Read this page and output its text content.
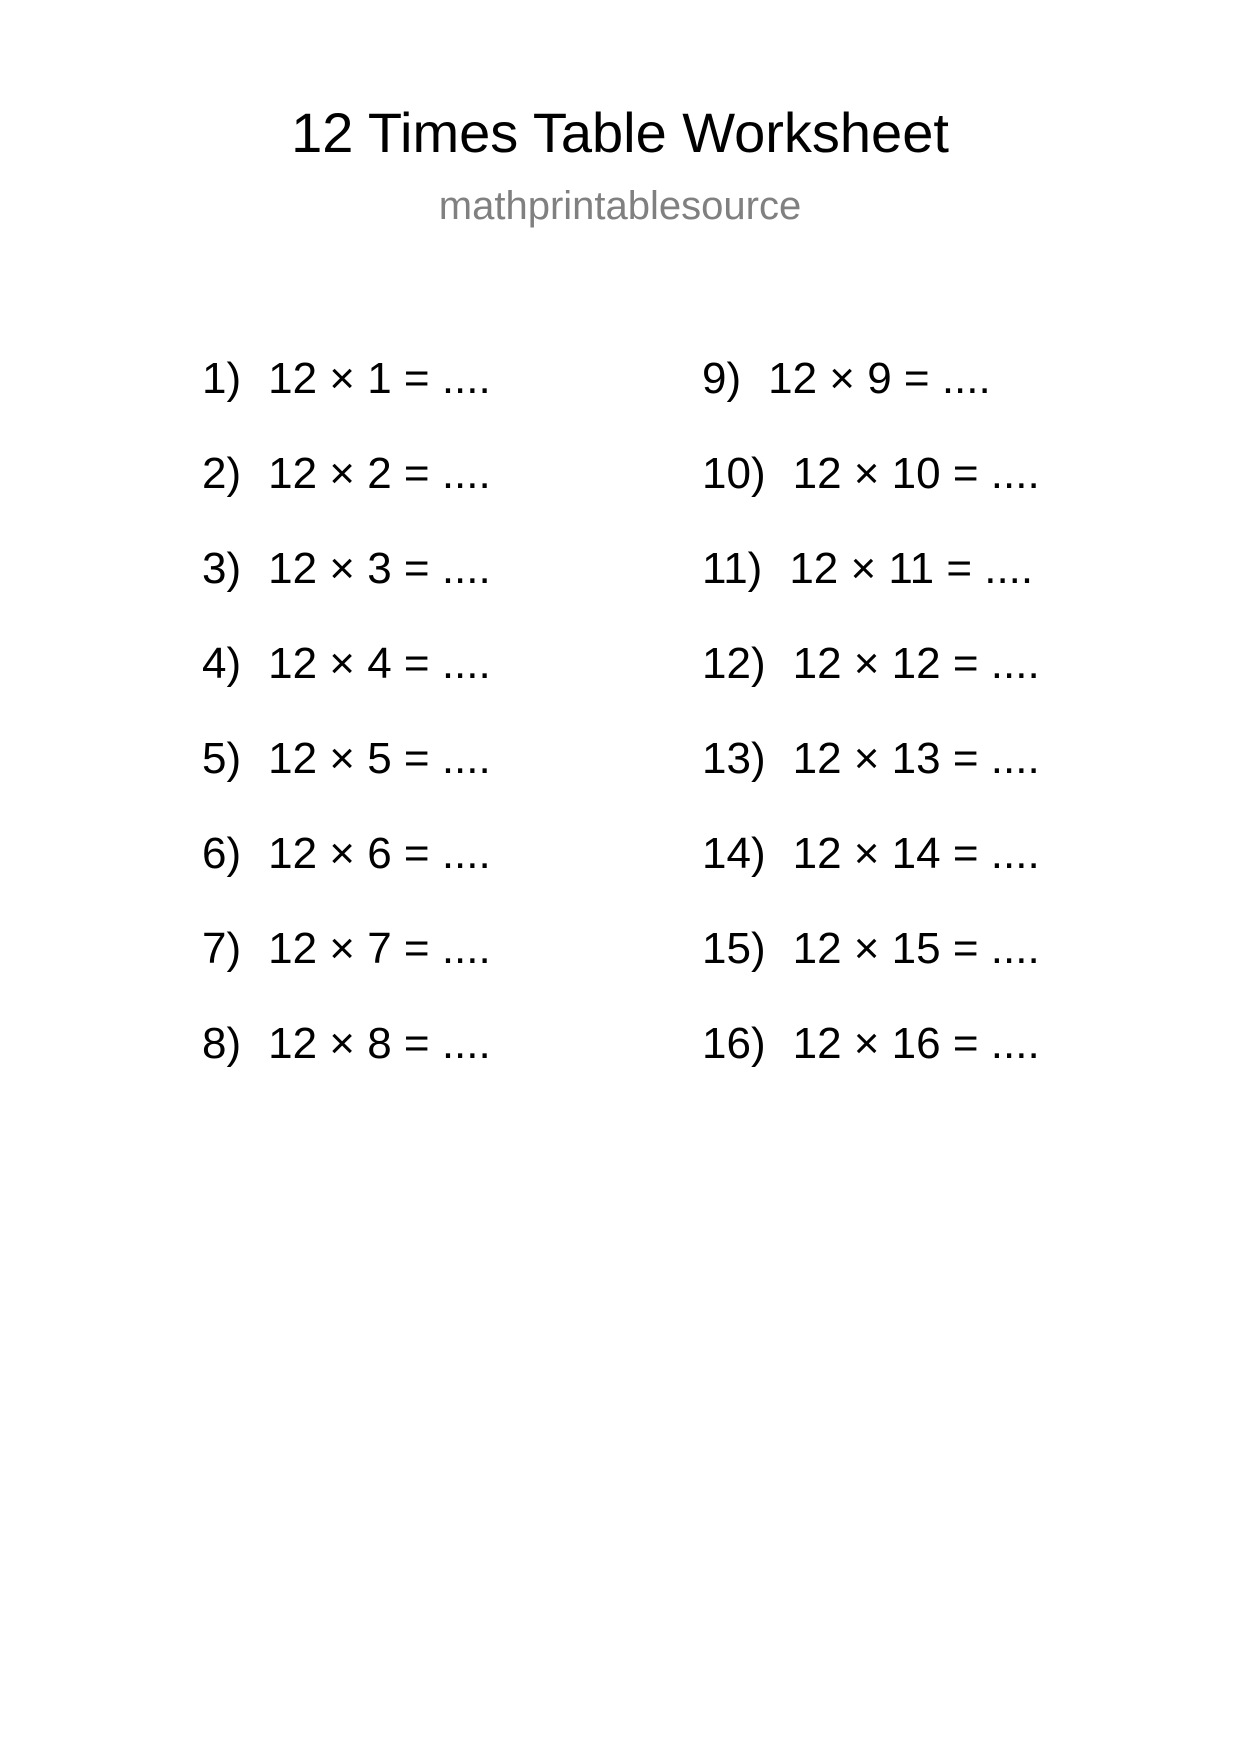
12 Times Table Worksheet
mathprintablesource
1) 12 × 1 = ....
2) 12 × 2 = ....
3) 12 × 3 = ....
4) 12 × 4 = ....
5) 12 × 5 = ....
6) 12 × 6 = ....
7) 12 × 7 = ....
8) 12 × 8 = ....
9) 12 × 9 = ....
10) 12 × 10 = ....
11) 12 × 11 = ....
12) 12 × 12 = ....
13) 12 × 13 = ....
14) 12 × 14 = ....
15) 12 × 15 = ....
16) 12 × 16 = ....
